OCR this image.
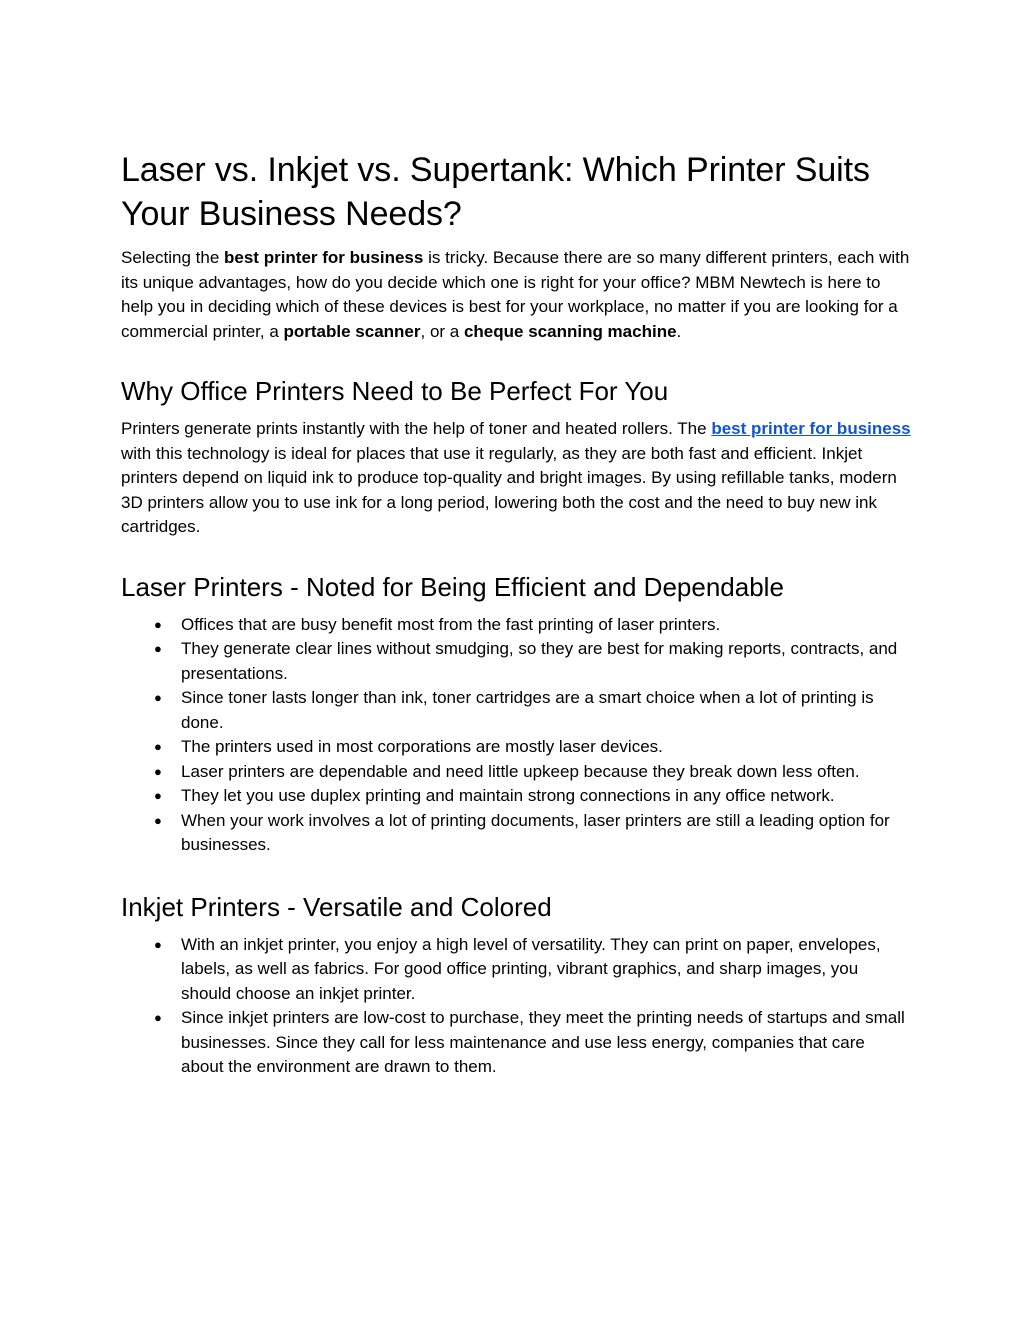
Laser vs. Inkjet vs. Supertank: Which Printer Suits Your Business Needs?

Selecting the best printer for business is tricky. Because there are so many different printers, each with its unique advantages, how do you decide which one is right for your office? MBM Newtech is here to help you in deciding which of these devices is best for your workplace, no matter if you are looking for a commercial printer, a portable scanner, or a cheque scanning machine.

Why Office Printers Need to Be Perfect For You

Printers generate prints instantly with the help of toner and heated rollers. The best printer for business with this technology is ideal for places that use it regularly, as they are both fast and efficient. Inkjet printers depend on liquid ink to produce top-quality and bright images. By using refillable tanks, modern 3D printers allow you to use ink for a long period, lowering both the cost and the need to buy new ink cartridges.

Laser Printers - Noted for Being Efficient and Dependable
● Offices that are busy benefit most from the fast printing of laser printers.
● They generate clear lines without smudging, so they are best for making reports, contracts, and presentations.
● Since toner lasts longer than ink, toner cartridges are a smart choice when a lot of printing is done.
● The printers used in most corporations are mostly laser devices.
● Laser printers are dependable and need little upkeep because they break down less often.
● They let you use duplex printing and maintain strong connections in any office network.
● When your work involves a lot of printing documents, laser printers are still a leading option for businesses.
Inkjet Printers - Versatile and Colored
● With an inkjet printer, you enjoy a high level of versatility. They can print on paper, envelopes, labels, as well as fabrics. For good office printing, vibrant graphics, and sharp images, you should choose an inkjet printer.
● Since inkjet printers are low-cost to purchase, they meet the printing needs of startups and small businesses. Since they call for less maintenance and use less energy, companies that care about the environment are drawn to them.
